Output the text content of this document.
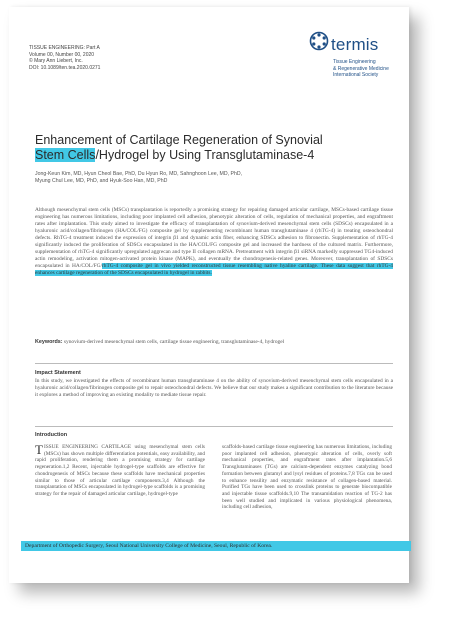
TISSUE ENGINEERING: Part A
Volume 00, Number 00, 2020
© Mary Ann Liebert, Inc.
DOI: 10.1089/ten.tea.2020.0271
termis
Tissue Engineering
& Regenerative Medicine
International Society
Enhancement of Cartilage Regeneration of Synovial
Stem Cells/Hydrogel by Using Transglutaminase-4
Jong-Keun Kim, MD, Hyun Cheol Bae, PhD, Du Hyun Ro, MD, Sahnghoon Lee, MD, PhD,
Myung Chul Lee, MD, PhD, and Hyuk-Soo Han, MD, PhD
Although mesenchymal stem cells (MSCs) transplantation is reportedly a promising strategy for repairing damaged articular cartilage, MSCs-based cartilage tissue engineering has numerous limitations, including poor implanted cell adhesion, phenotypic alteration of cells, regulation of mechanical properties, and engraftment rates after implantation. This study aimed to investigate the efficacy of transplantation of synovium-derived mesenchymal stem cells (SDSCs) encapsulated in a hyaluronic acid/collagen/fibrinogen (HA/COL/FG) composite gel by supplementing recombinant human transglutaminase 4 (rhTG-4) in treating osteochondral defects. RhTG-4 treatment induced the expression of integrin β1 and dynamic actin fiber, enhancing SDSCs adhesion to fibronectin. Supplementation of rhTG-4 significantly induced the proliferation of SDSCs encapsulated in the HA/COL/FG composite gel and increased the hardness of the cultured matrix. Furthermore, supplementation of rhTG-4 significantly upregulated aggrecan and type II collagen mRNA. Pretreatment with integrin β1 siRNA markedly suppressed TG4-induced actin remodeling, activation mitogen-activated protein kinase (MAPK), and eventually the chondrogenesis-related genes. Moreover, transplantation of SDSCs encapsulated in HA/COL/FG/rhTG-4 composite gel in vivo yielded reconstructed tissue resembling native hyaline cartilage. These data suggest that rhTG-4 enhances cartilage regeneration of the SDSCs encapsulated in hydrogel in rabbits.
Keywords: synovium-derived mesenchymal stem cells, cartilage tissue engineering, transglutaminase-4, hydrogel
Impact Statement
In this study, we investigated the effects of recombinant human transglutaminase 4 on the ability of synovium-derived mesenchymal stem cells encapsulated in a hyaluronic acid/collagen/fibrinogen composite gel to repair osteochondral defects. We believe that our study makes a significant contribution to the literature because it explores a method of improving an existing modality to mediate tissue repair.
Introduction
TISSUE ENGINEERING CARTILAGE using mesenchymal stem cells (MSCs) has shown multiple differentiation potentials, easy availability, and rapid proliferation, rendering them a promising strategy for cartilage regeneration.1,2 Recent, injectable hydrogel-type scaffolds are effective for chondrogenesis of MSCs because these scaffolds have mechanical properties similar to those of articular cartilage components.3,4 Although the transplantation of MSCs encapsulated in hydrogel-type scaffolds is a promising strategy for the repair of damaged articular cartilage, hydrogel-type
scaffolds-based cartilage tissue engineering has numerous limitations, including poor implanted cell adhesion, phenotypic alteration of cells, overly soft mechanical properties, and engraftment rates after implantation.5,6 Transglutaminases (TGs) are calcium-dependent enzymes catalyzing bond formation between glutamyl and lysyl residues of proteins.7,8 TGs can be used to enhance tensility and enzymatic resistance of collagen-based material. Purified TGs have been used to crosslink proteins to generate biocompatible and injectable tissue scaffolds.9,10 The transamidation reaction of TG-2 has been well studied and implicated in various physiological phenomena, including cell adhesion,
Department of Orthopedic Surgery, Seoul National University College of Medicine, Seoul, Republic of Korea.
